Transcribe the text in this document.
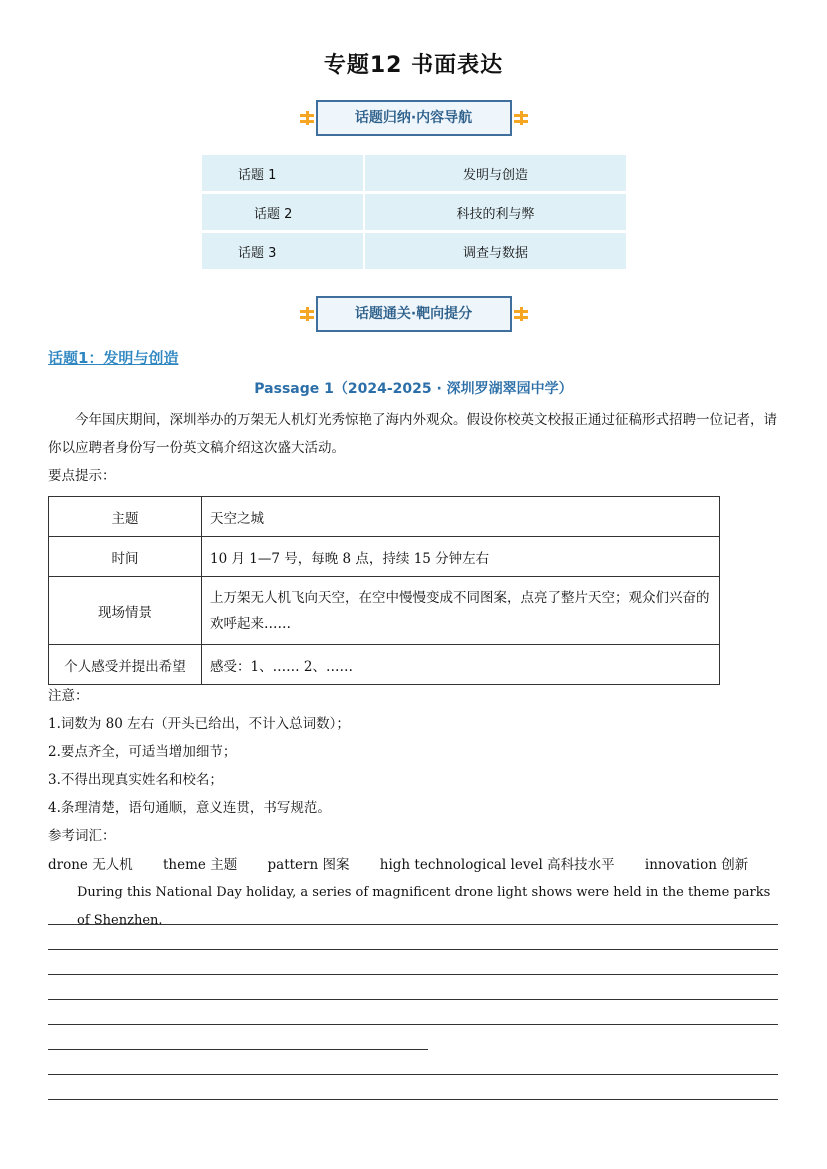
专题12 书面表达
话题归纳·内容导航
话题 1	发明与创造
话题 2	科技的利与弊
话题 3	调查与数据
话题通关·靶向提分
话题1：发明与创造
Passage 1（2024-2025 · 深圳罗湖翠园中学）
今年国庆期间，深圳举办的万架无人机灯光秀惊艳了海内外观众。假设你校英文校报正通过征稿形式招聘一位记者，请你以应聘者身份写一份英文稿介绍这次盛大活动。
要点提示：
主题	天空之城
时间	10 月 1—7 号，每晚 8 点，持续 15 分钟左右
现场情景	上万架无人机飞向天空，在空中慢慢变成不同图案，点亮了整片天空；观众们兴奋的欢呼起来……
个人感受并提出希望	感受：1、…… 2、……
注意：
1.词数为 80 左右（开头已给出，不计入总词数）；
2.要点齐全，可适当增加细节；
3.不得出现真实姓名和校名；
4.条理清楚，语句通顺，意义连贯，书写规范。
参考词汇：
drone 无人机 theme 主题 pattern 图案 high technological level 高科技水平 innovation 创新
During this National Day holiday, a series of magnificent drone light shows were held in the theme parks of Shenzhen.
